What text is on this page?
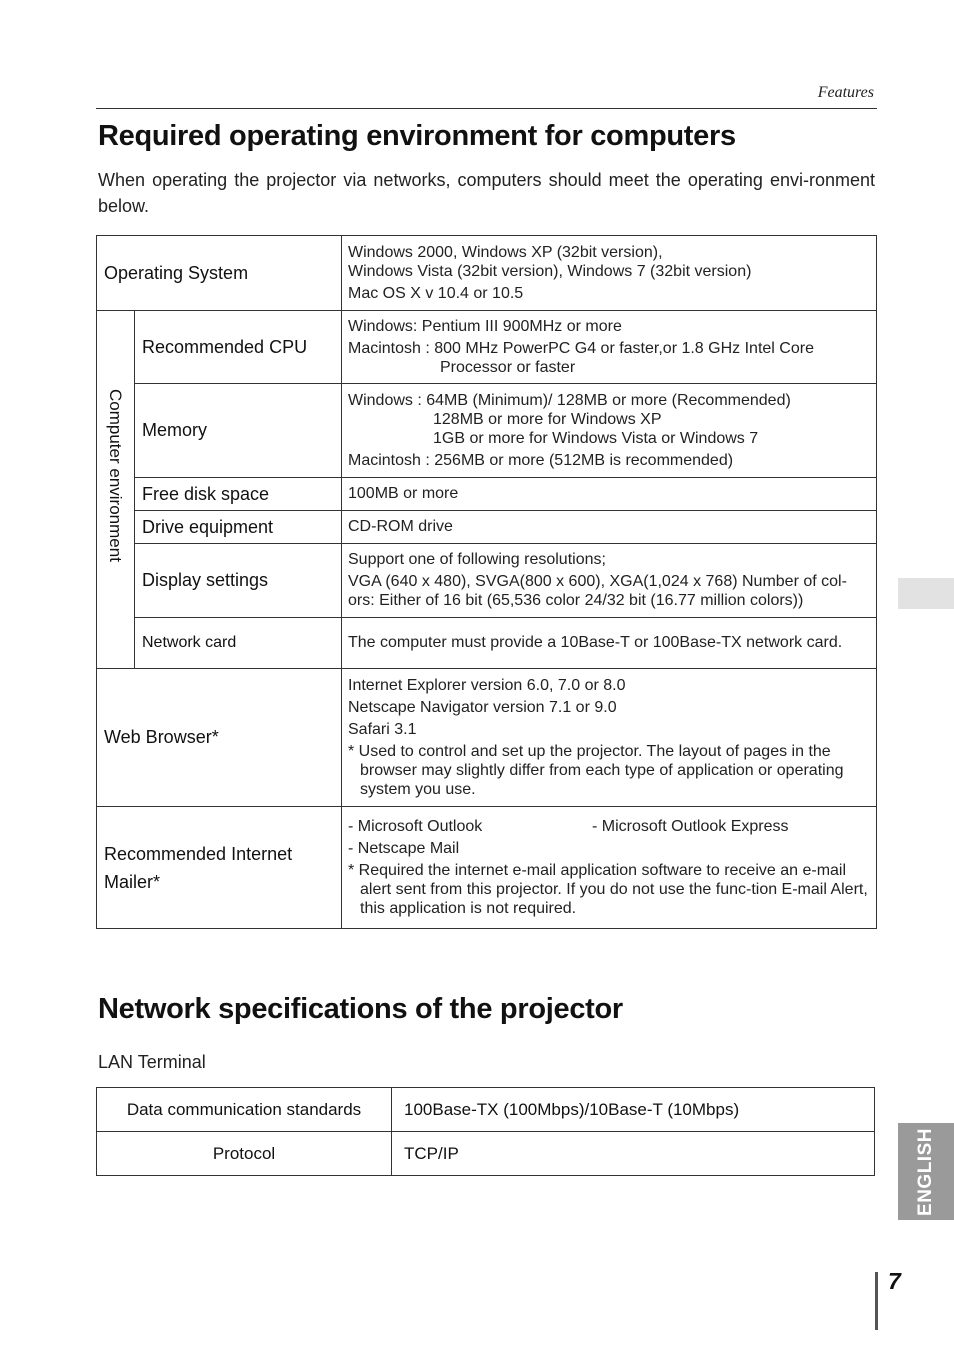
Features
Required operating environment for computers

When operating the projector via networks, computers should meet the operating envi-ronment below.

Operating System		Windows 2000, Windows XP (32bit version),
Windows Vista (32bit version), Windows 7 (32bit version)
Mac OS X v 10.4 or 10.5

Computer environment	Recommended CPU	Windows: Pentium III 900MHz or more
Macintosh : 800 MHz PowerPC G4 or faster,or 1.8 GHz Intel Core
Processor or faster

	Memory	Windows : 64MB (Minimum)/ 128MB or more (Recommended)
128MB or more for Windows XP
1GB or more for Windows Vista or Windows 7
Macintosh : 256MB or more (512MB is recommended)

	Free disk space	100MB or more
	Drive equipment	CD-ROM drive
	Display settings	Support one of following resolutions;
VGA (640 x 480), SVGA(800 x 600), XGA(1,024 x 768) Number of col-ors: Either of 16 bit (65,536 color 24/32 bit (16.77 million colors))

	Network card	The computer must provide a 10Base-T or 100Base-TX network card.
Web Browser*		Internet Explorer version 6.0, 7.0 or 8.0
Netscape Navigator version 7.1 or 9.0
Safari 3.1
* Used to control and set up the projector. The layout of pages in the browser may slightly differ from each type of application or operating system you use.

Recommended Internet Mailer*		- Microsoft Outlook - Microsoft Outlook Express
- Netscape Mail
* Required the internet e-mail application software to receive an e-mail alert sent from this projector. If you do not use the func-tion E-mail Alert, this application is not required.
Network specifications of the projector
LAN Terminal
Data communication standards	100Base-TX (100Mbps)/10Base-T (10Mbps)
Protocol	TCP/IP	ENGLISH
7
